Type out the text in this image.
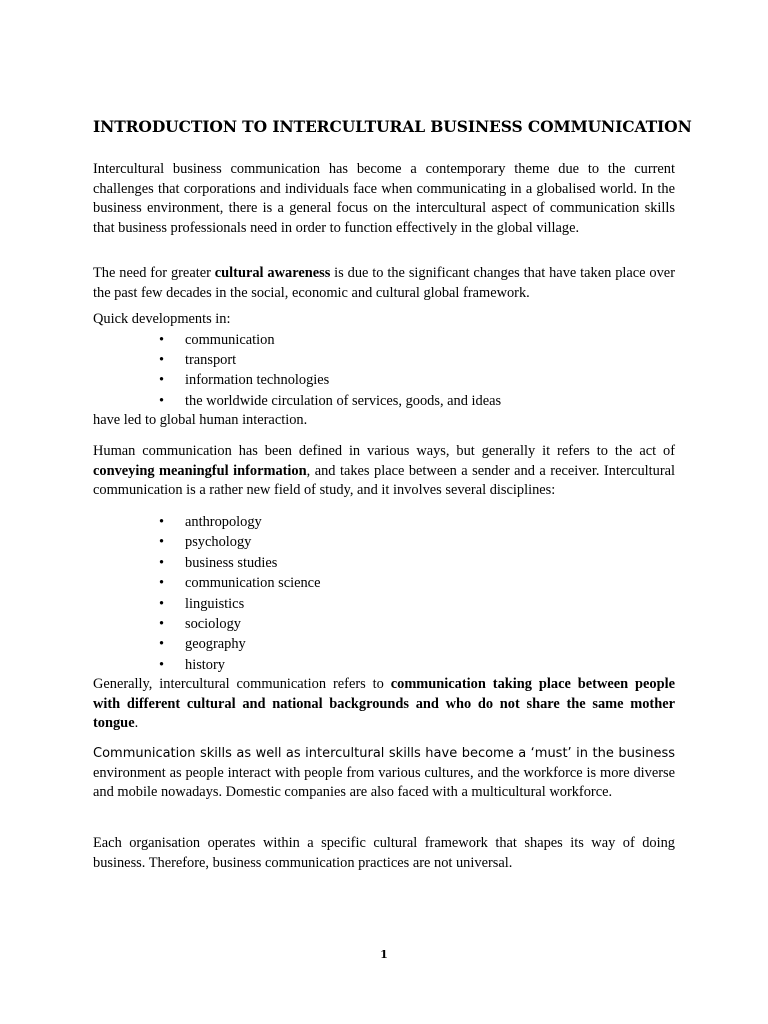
INTRODUCTION TO INTERCULTURAL BUSINESS COMMUNICATION

Intercultural business communication has become a contemporary theme due to the current challenges that corporations and individuals face when communicating in a globalised world. In the business environment, there is a general focus on the intercultural aspect of communication skills that business professionals need in order to function effectively in the global village.

The need for greater cultural awareness is due to the significant changes that have taken place over the past few decades in the social, economic and cultural global framework.

Quick developments in:

• communication
• transport
• information technologies
• the worldwide circulation of services, goods, and ideas

have led to global human interaction.

Human communication has been defined in various ways, but generally it refers to the act of conveying meaningful information, and takes place between a sender and a receiver. Intercultural communication is a rather new field of study, and it involves several disciplines:

• anthropology
• psychology
• business studies
• communication science
• linguistics
• sociology
• geography
• history

Generally, intercultural communication refers to communication taking place between people with different cultural and national backgrounds and who do not share the same mother tongue.

Communication skills as well as intercultural skills have become a ‘must’ in the business environment as people interact with people from various cultures, and the workforce is more diverse and mobile nowadays. Domestic companies are also faced with a multicultural workforce.

Each organisation operates within a specific cultural framework that shapes its way of doing business. Therefore, business communication practices are not universal.

1
